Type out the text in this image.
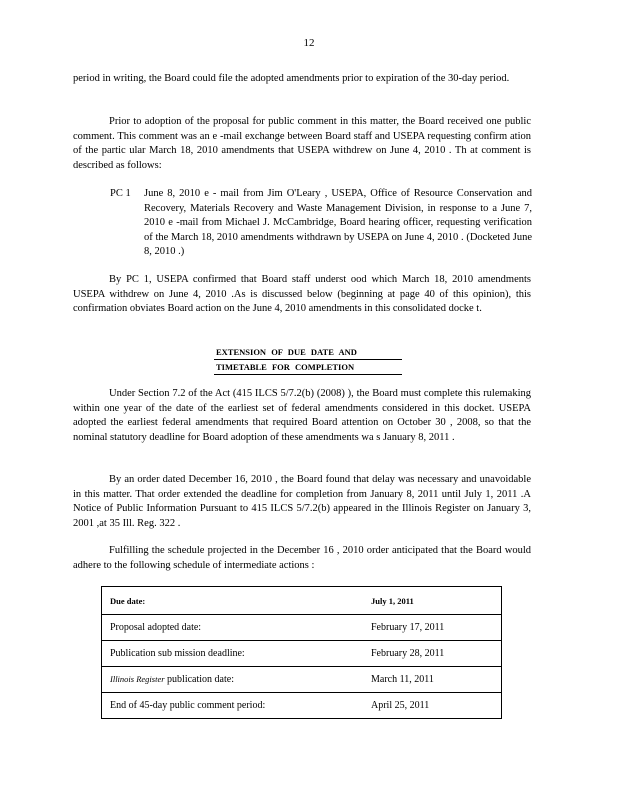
12

period in writing, the Board could file the adopted amendments prior to expiration of the 30-day period.

Prior to adoption of the proposal for public comment in this matter, the Board received one public comment. This comment was an e -mail exchange between Board staff and USEPA requesting confirm ation of the partic ular March 18, 2010 amendments that USEPA withdrew on June 4, 2010 . Th at comment is described as follows:

PC 1 June 8, 2010 e - mail from Jim O'Leary , USEPA, Office of Resource Conservation and Recovery, Materials Recovery and Waste Management Division, in response to a June 7, 2010 e -mail from Michael J. McCambridge, Board hearing officer, requesting verification of the March 18, 2010 amendments withdrawn by USEPA on June 4, 2010 . (Docketed June 8, 2010 .)

By PC 1, USEPA confirmed that Board staff underst ood which March 18, 2010 amendments USEPA withdrew on June 4, 2010 .As is discussed below (beginning at page 40 of this opinion), this confirmation obviates Board action on the June 4, 2010 amendments in this consolidated docke t.

EXTENSION OF DUE DATE AND
TIMETABLE FOR COMPLETION

Under Section 7.2 of the Act (415 ILCS 5/7.2(b) (2008) ), the Board must complete this rulemaking within one year of the date of the earliest set of federal amendments considered in this docket. USEPA adopted the earliest federal amendments that required Board attention on October 30 , 2008, so that the nominal statutory deadline for Board adoption of these amendments wa s January 8, 2011 .

By an order dated December 16, 2010 , the Board found that delay was necessary and unavoidable in this matter. That order extended the deadline for completion from January 8, 2011 until July 1, 2011 .A Notice of Public Information Pursuant to 415 ILCS 5/7.2(b) appeared in the Illinois Register on January 3, 2001 ,at 35 Ill. Reg. 322 .

Fulfilling the schedule projected in the December 16 , 2010 order anticipated that the Board would adhere to the following schedule of intermediate actions :

Due date:	July 1, 2011
Proposal adopted date:	February 17, 2011
Publication sub mission deadline:	February 28, 2011
Illinois Register publication date:	March 11, 2011
End of 45-day public comment period:	April 25, 2011
